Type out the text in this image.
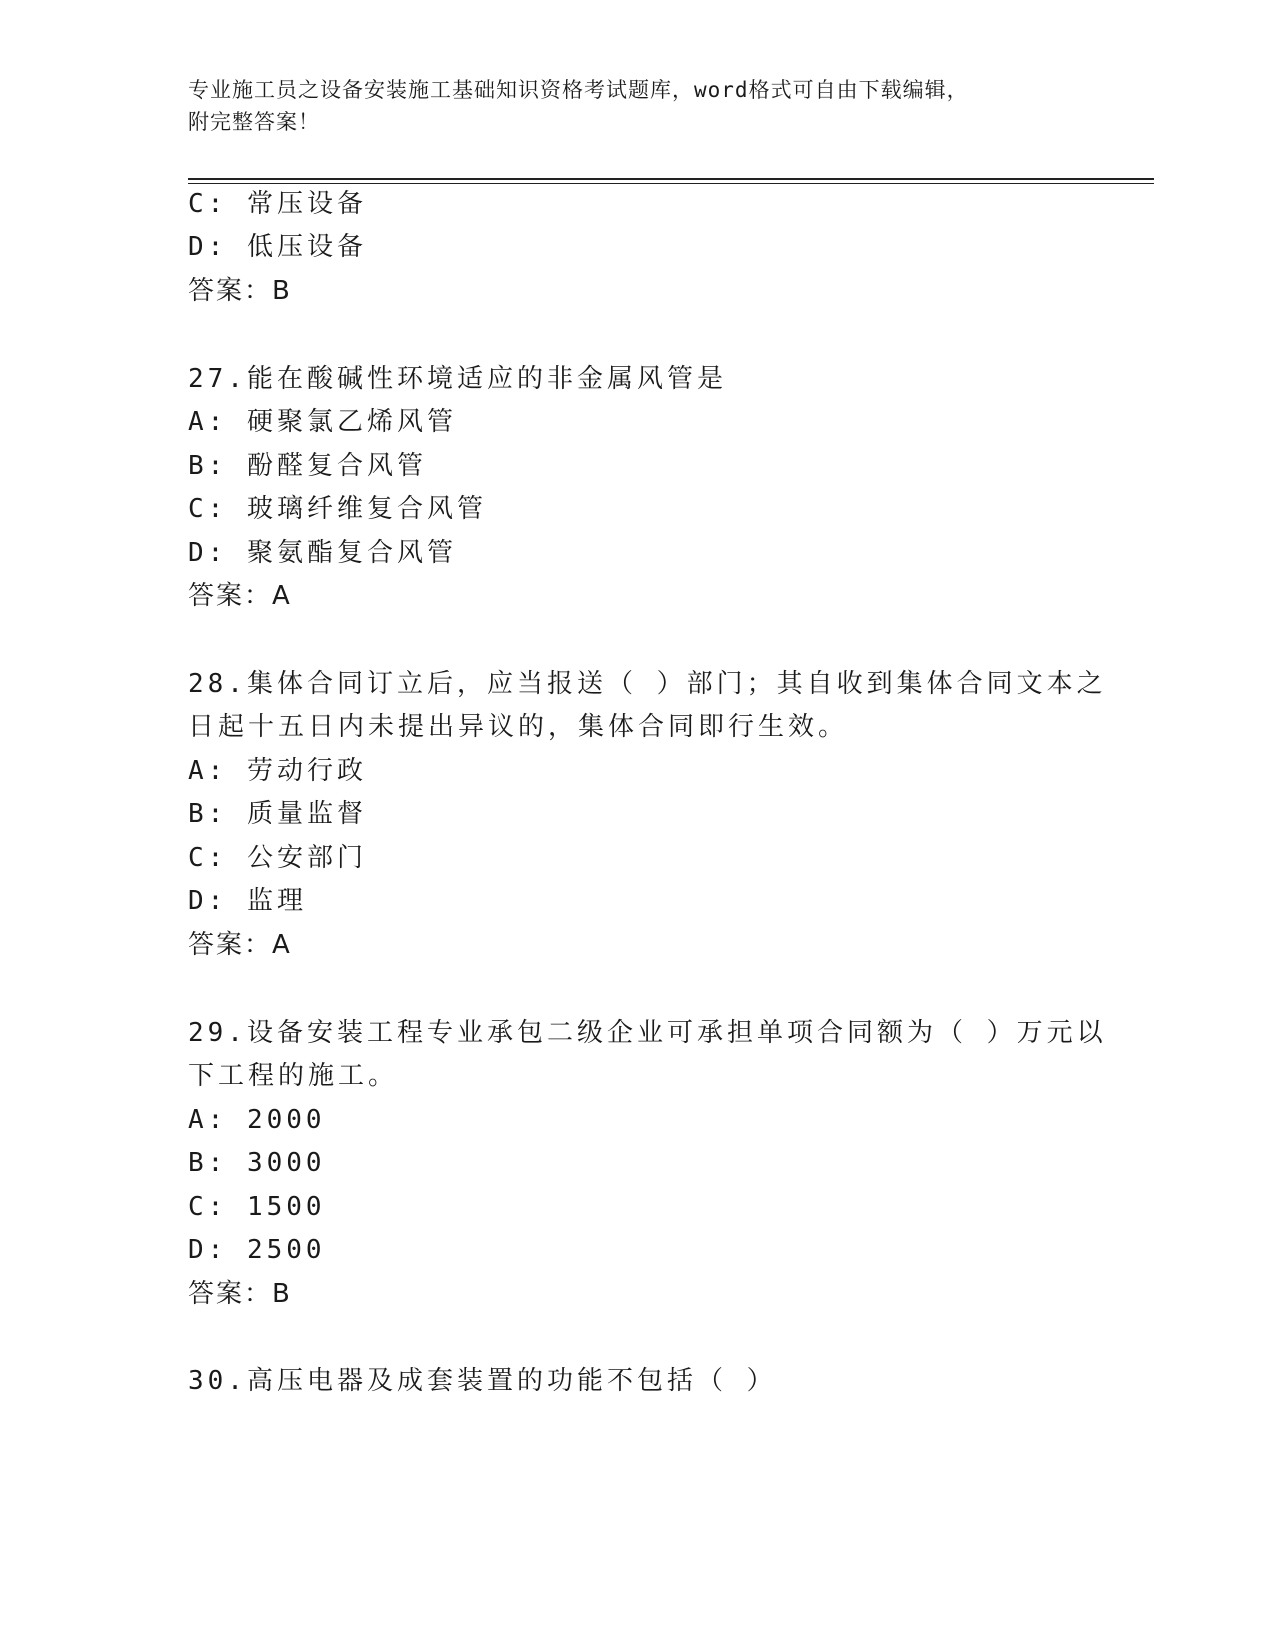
专业施工员之设备安装施工基础知识资格考试题库，word格式可自由下载编辑，
附完整答案！
C: 常压设备
D: 低压设备
答案：B
27.能在酸碱性环境适应的非金属风管是
A: 硬聚氯乙烯风管
B: 酚醛复合风管
C: 玻璃纤维复合风管
D: 聚氨酯复合风管
答案：A
28.集体合同订立后，应当报送（ ）部门；其自收到集体合同文本之
日起十五日内未提出异议的，集体合同即行生效。
A: 劳动行政
B: 质量监督
C: 公安部门
D: 监理
答案：A
29.设备安装工程专业承包二级企业可承担单项合同额为（ ）万元以
下工程的施工。
A: 2000
B: 3000
C: 1500
D: 2500
答案：B
30.高压电器及成套装置的功能不包括（ ）
